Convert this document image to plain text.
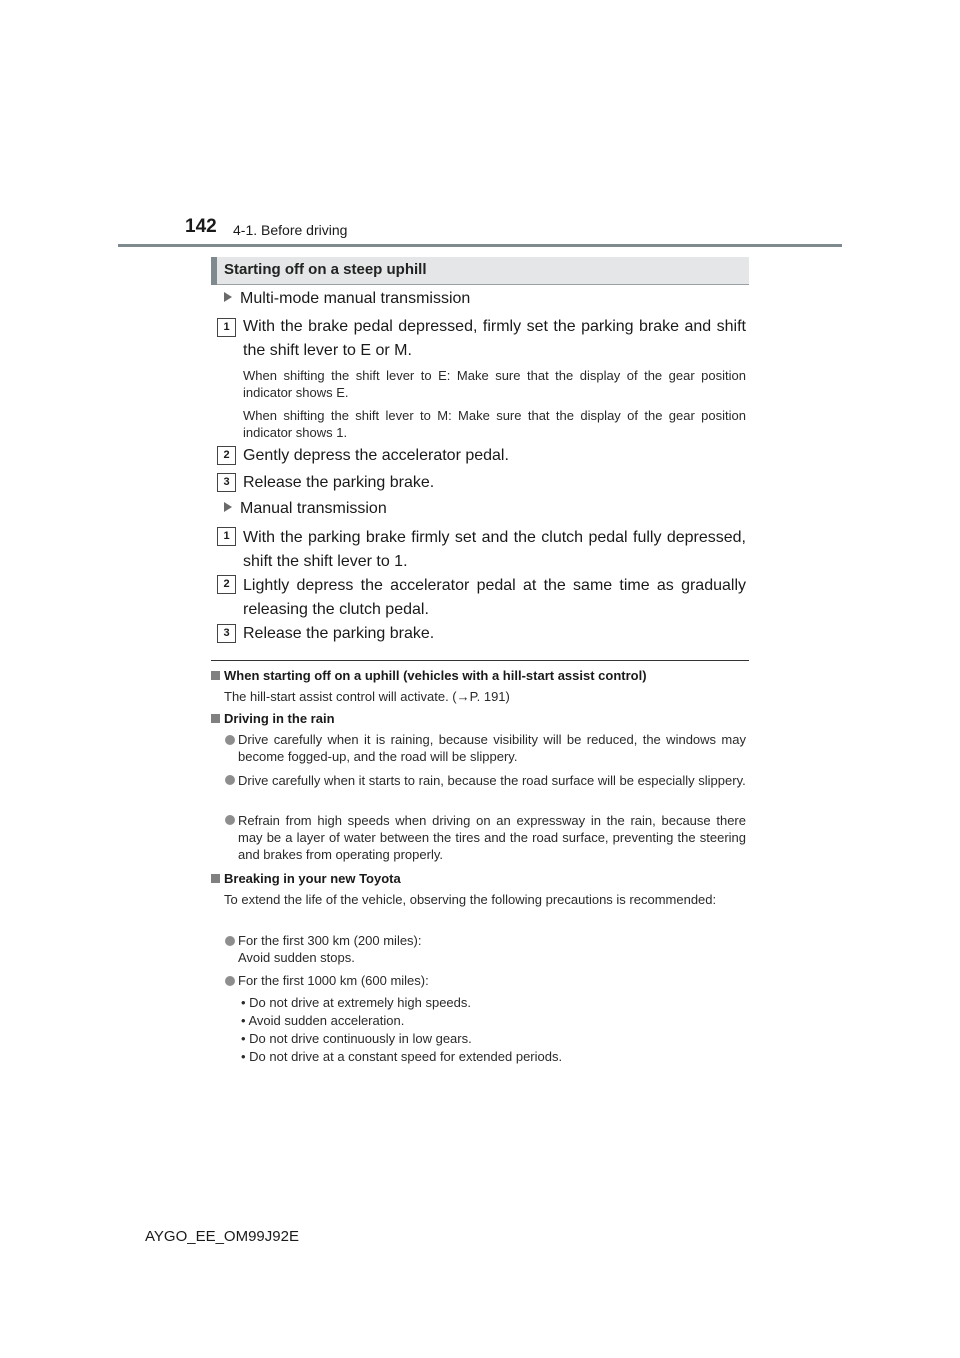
142 4-1. Before driving
Starting off on a steep uphill
Multi-mode manual transmission
1 With the brake pedal depressed, firmly set the parking brake and shift the shift lever to E or M.
When shifting the shift lever to E: Make sure that the display of the gear position indicator shows E.
When shifting the shift lever to M: Make sure that the display of the gear position indicator shows 1.
2 Gently depress the accelerator pedal.
3 Release the parking brake.
Manual transmission
1 With the parking brake firmly set and the clutch pedal fully depressed, shift the shift lever to 1.
2 Lightly depress the accelerator pedal at the same time as gradually releasing the clutch pedal.
3 Release the parking brake.
When starting off on a uphill (vehicles with a hill-start assist control)
The hill-start assist control will activate. (→P. 191)
Driving in the rain
Drive carefully when it is raining, because visibility will be reduced, the windows may become fogged-up, and the road will be slippery.
Drive carefully when it starts to rain, because the road surface will be especially slippery.
Refrain from high speeds when driving on an expressway in the rain, because there may be a layer of water between the tires and the road surface, preventing the steering and brakes from operating properly.
Breaking in your new Toyota
To extend the life of the vehicle, observing the following precautions is recommended:
For the first 300 km (200 miles):
Avoid sudden stops.
For the first 1000 km (600 miles):
• Do not drive at extremely high speeds.
• Avoid sudden acceleration.
• Do not drive continuously in low gears.
• Do not drive at a constant speed for extended periods.
AYGO_EE_OM99J92E
